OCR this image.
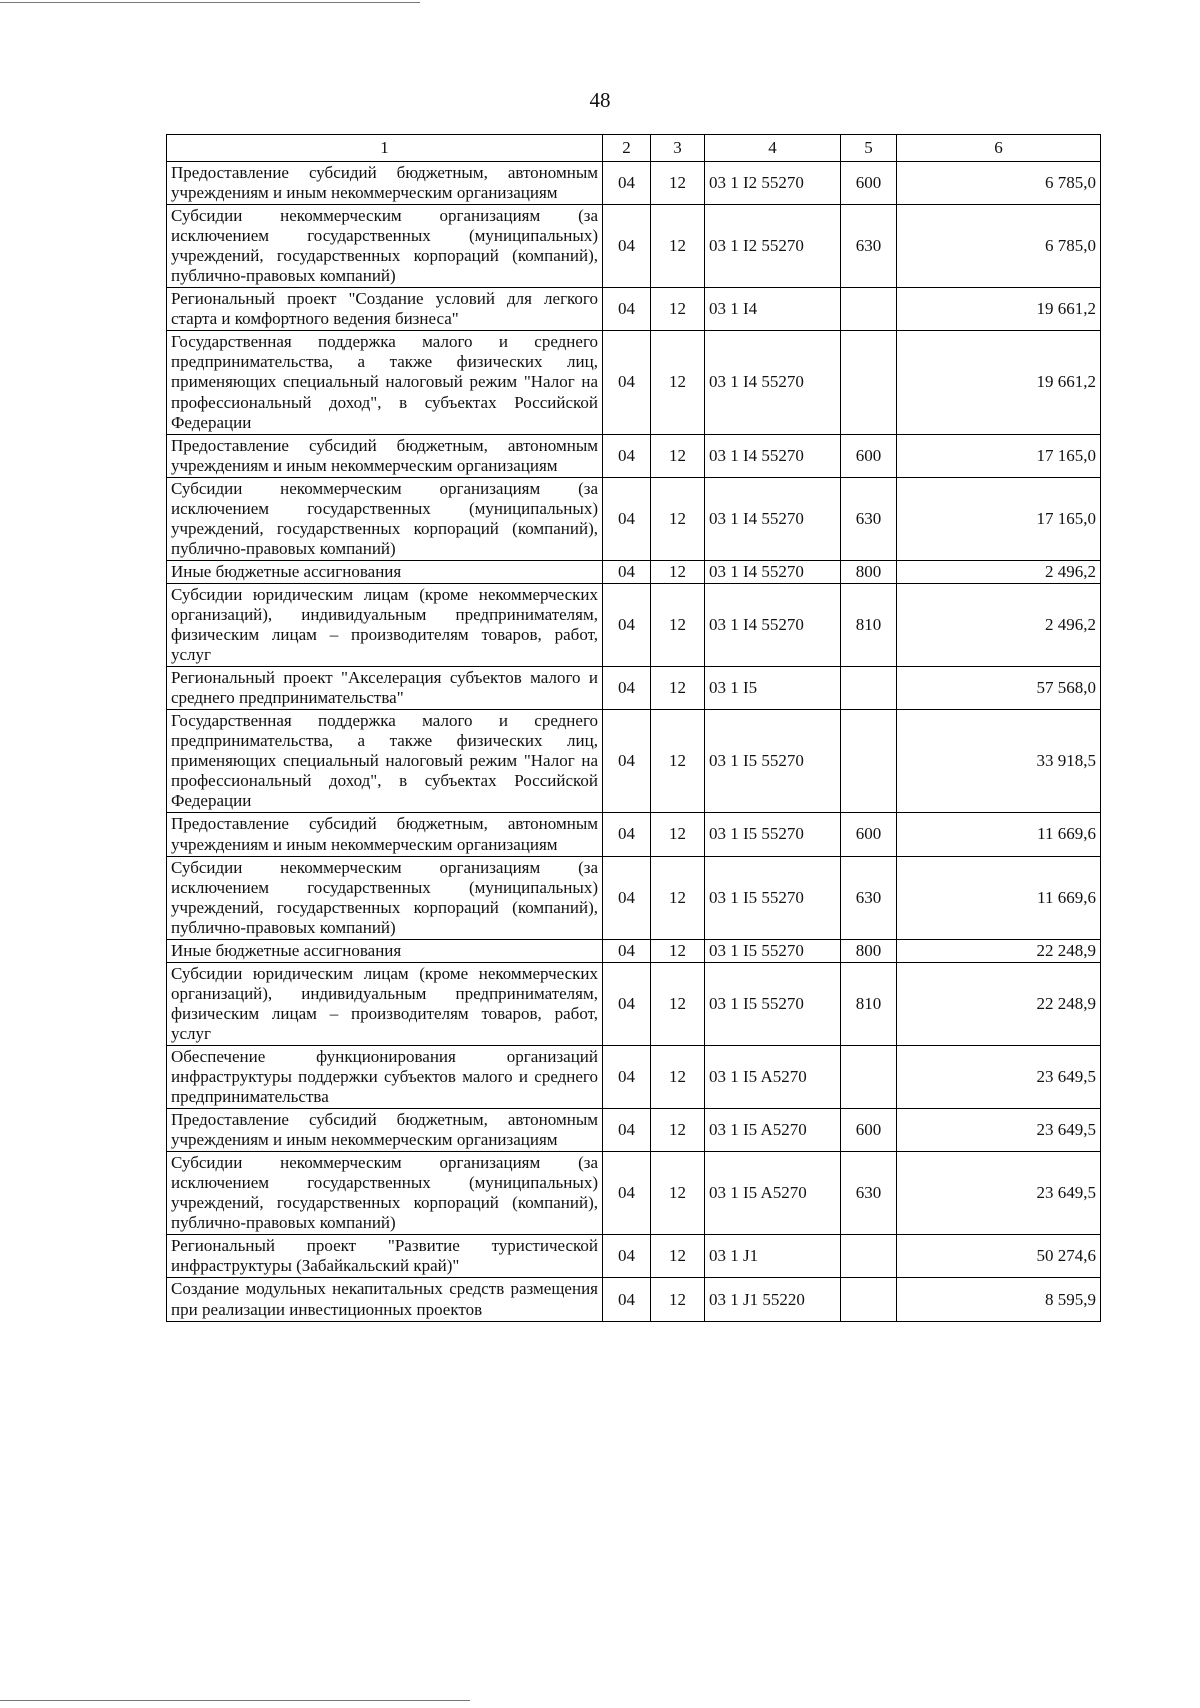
48
1	2	3	4	5	6
Предоставление субсидий бюджетным, автономным учреждениям и иным некоммерческим организациям	04	12	03 1 I2 55270	600	6 785,0
Субсидии некоммерческим организациям (за исключением государственных (муниципальных) учреждений, государственных корпораций (компаний), публично-правовых компаний)	04	12	03 1 I2 55270	630	6 785,0
Региональный проект "Создание условий для легкого старта и комфортного ведения бизнеса"	04	12	03 1 I4		19 661,2
Государственная поддержка малого и среднего предпринимательства, а также физических лиц, применяющих специальный налоговый режим "Налог на профессиональный доход", в субъектах Российской Федерации	04	12	03 1 I4 55270		19 661,2
Предоставление субсидий бюджетным, автономным учреждениям и иным некоммерческим организациям	04	12	03 1 I4 55270	600	17 165,0
Субсидии некоммерческим организациям (за исключением государственных (муниципальных) учреждений, государственных корпораций (компаний), публично-правовых компаний)	04	12	03 1 I4 55270	630	17 165,0
Иные бюджетные ассигнования	04	12	03 1 I4 55270	800	2 496,2
Субсидии юридическим лицам (кроме некоммерческих организаций), индивидуальным предпринимателям, физическим лицам – производителям товаров, работ, услуг	04	12	03 1 I4 55270	810	2 496,2
Региональный проект "Акселерация субъектов малого и среднего предпринимательства"	04	12	03 1 I5		57 568,0
Государственная поддержка малого и среднего предпринимательства, а также физических лиц, применяющих специальный налоговый режим "Налог на профессиональный доход", в субъектах Российской Федерации	04	12	03 1 I5 55270		33 918,5
Предоставление субсидий бюджетным, автономным учреждениям и иным некоммерческим организациям	04	12	03 1 I5 55270	600	11 669,6
Субсидии некоммерческим организациям (за исключением государственных (муниципальных) учреждений, государственных корпораций (компаний), публично-правовых компаний)	04	12	03 1 I5 55270	630	11 669,6
Иные бюджетные ассигнования	04	12	03 1 I5 55270	800	22 248,9
Субсидии юридическим лицам (кроме некоммерческих организаций), индивидуальным предпринимателям, физическим лицам – производителям товаров, работ, услуг	04	12	03 1 I5 55270	810	22 248,9
Обеспечение функционирования организаций инфраструктуры поддержки субъектов малого и среднего предпринимательства	04	12	03 1 I5 A5270		23 649,5
Предоставление субсидий бюджетным, автономным учреждениям и иным некоммерческим организациям	04	12	03 1 I5 A5270	600	23 649,5
Субсидии некоммерческим организациям (за исключением государственных (муниципальных) учреждений, государственных корпораций (компаний), публично-правовых компаний)	04	12	03 1 I5 A5270	630	23 649,5
Региональный проект "Развитие туристической инфраструктуры (Забайкальский край)"	04	12	03 1 J1		50 274,6
Создание модульных некапитальных средств размещения при реализации инвестиционных проектов	04	12	03 1 J1 55220		8 595,9
